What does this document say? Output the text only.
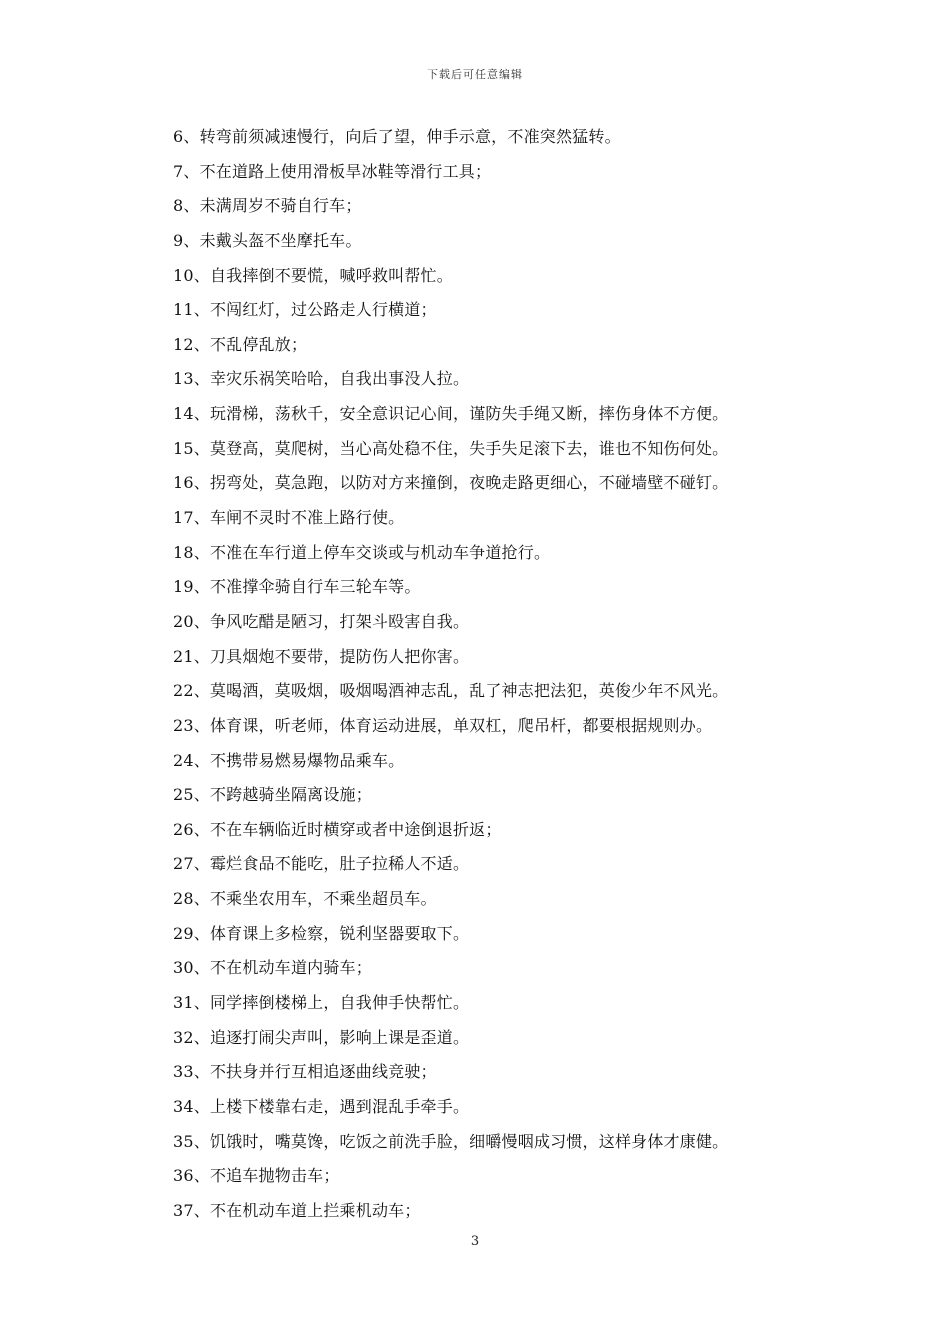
下载后可任意编辑
6、转弯前须减速慢行，向后了望，伸手示意，不准突然猛转。
7、不在道路上使用滑板旱冰鞋等滑行工具；
8、未满周岁不骑自行车；
9、未戴头盔不坐摩托车。
10、自我摔倒不要慌，喊呼救叫帮忙。
11、不闯红灯，过公路走人行横道；
12、不乱停乱放；
13、幸灾乐祸笑哈哈，自我出事没人拉。
14、玩滑梯，荡秋千，安全意识记心间，谨防失手绳又断，摔伤身体不方便。
15、莫登高，莫爬树，当心高处稳不住，失手失足滚下去，谁也不知伤何处。
16、拐弯处，莫急跑，以防对方来撞倒，夜晚走路更细心，不碰墙壁不碰钉。
17、车闸不灵时不准上路行使。
18、不准在车行道上停车交谈或与机动车争道抢行。
19、不准撑伞骑自行车三轮车等。
20、争风吃醋是陋习，打架斗殴害自我。
21、刀具烟炮不要带，提防伤人把你害。
22、莫喝酒，莫吸烟，吸烟喝酒神志乱，乱了神志把法犯，英俊少年不风光。
23、体育课，听老师，体育运动进展，单双杠，爬吊杆，都要根据规则办。
24、不携带易燃易爆物品乘车。
25、不跨越骑坐隔离设施；
26、不在车辆临近时横穿或者中途倒退折返；
27、霉烂食品不能吃，肚子拉稀人不适。
28、不乘坐农用车，不乘坐超员车。
29、体育课上多检察，锐利坚器要取下。
30、不在机动车道内骑车；
31、同学摔倒楼梯上，自我伸手快帮忙。
32、追逐打闹尖声叫，影响上课是歪道。
33、不扶身并行互相追逐曲线竞驶；
34、上楼下楼靠右走，遇到混乱手牵手。
35、饥饿时，嘴莫馋，吃饭之前洗手脸，细嚼慢咽成习惯，这样身体才康健。
36、不追车抛物击车；
37、不在机动车道上拦乘机动车；
3
